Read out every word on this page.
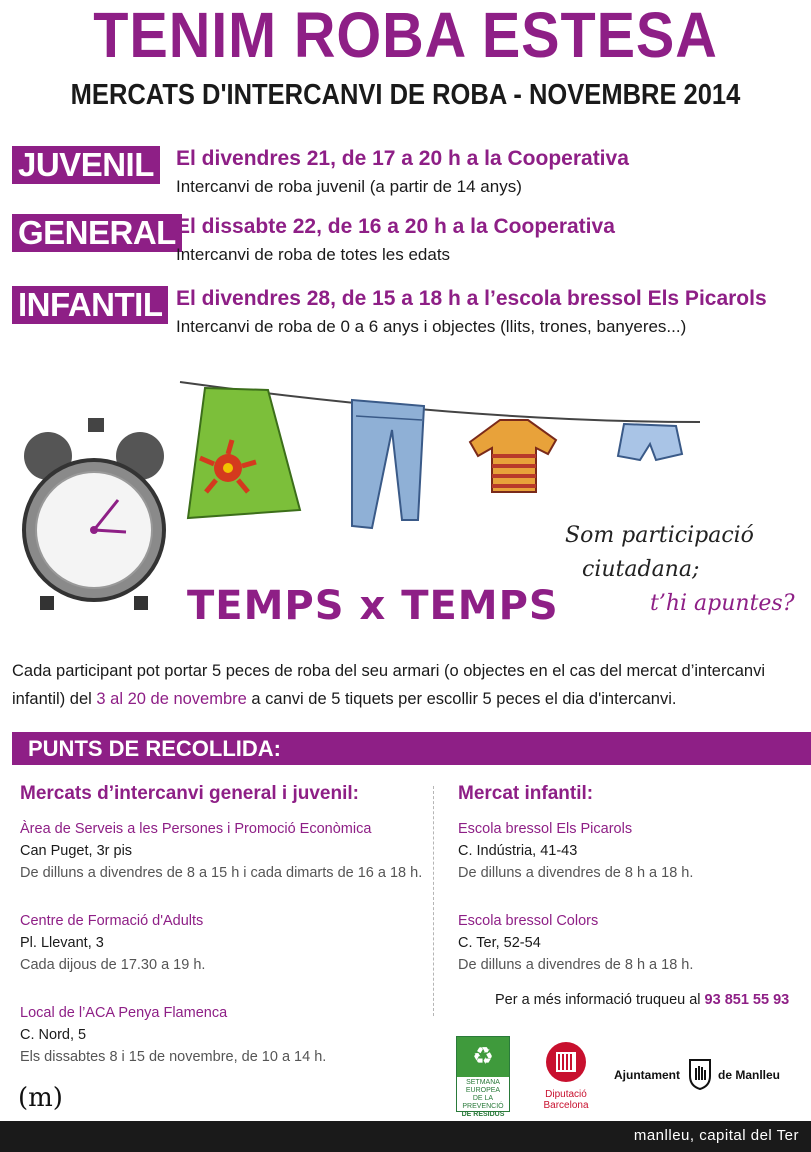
TENIM ROBA ESTESA
MERCATS D'INTERCANVI DE ROBA - NOVEMBRE 2014
JUVENIL El divendres 21, de 17 a 20 h a la Cooperativa
Intercanvi de roba juvenil (a partir de 14 anys)
GENERAL El dissabte 22, de 16 a 20 h a la Cooperativa
Intercanvi de roba de totes les edats
INFANTIL El divendres 28, de 15 a 18 h a l’escola bressol Els Picarols
Intercanvi de roba de 0 a 6 anys i objectes (llits, trones, banyeres...)
TEMPS x TEMPS
Som participació
ciutadana;
t’hi apuntes?
Cada participant pot portar 5 peces de roba del seu armari (o objectes en el cas del mercat d’intercanvi infantil) del 3 al 20 de novembre a canvi de 5 tiquets per escollir 5 peces el dia d'intercanvi.
PUNTS DE RECOLLIDA:
Mercats d’intercanvi general i juvenil:	Mercat infantil:
Àrea de Serveis a les Persones i Promoció Econòmica
Can Puget, 3r pis
De dilluns a divendres de 8 a 15 h i cada dimarts de 16 a 18 h.
Centre de Formació d'Adults
Pl. Llevant, 3
Cada dijous de 17.30 a 19 h.
Local de l’ACA Penya Flamenca
C. Nord, 5
Els dissabtes 8 i 15 de novembre, de 10 a 14 h.
Escola bressol Els Picarols
C. Indústria, 41-43
De dilluns a divendres de 8 h a 18 h.
Escola bressol Colors
C. Ter, 52-54
De dilluns a divendres de 8 h a 18 h.
Per a més informació truqueu al 93 851 55 93
♻
SETMANA EUROPEA
DE LA PREVENCIÓ
DE RESIDUS
Diputació
Barcelona
Ajuntament	de Manlleu
(m)
manlleu, capital del Ter
